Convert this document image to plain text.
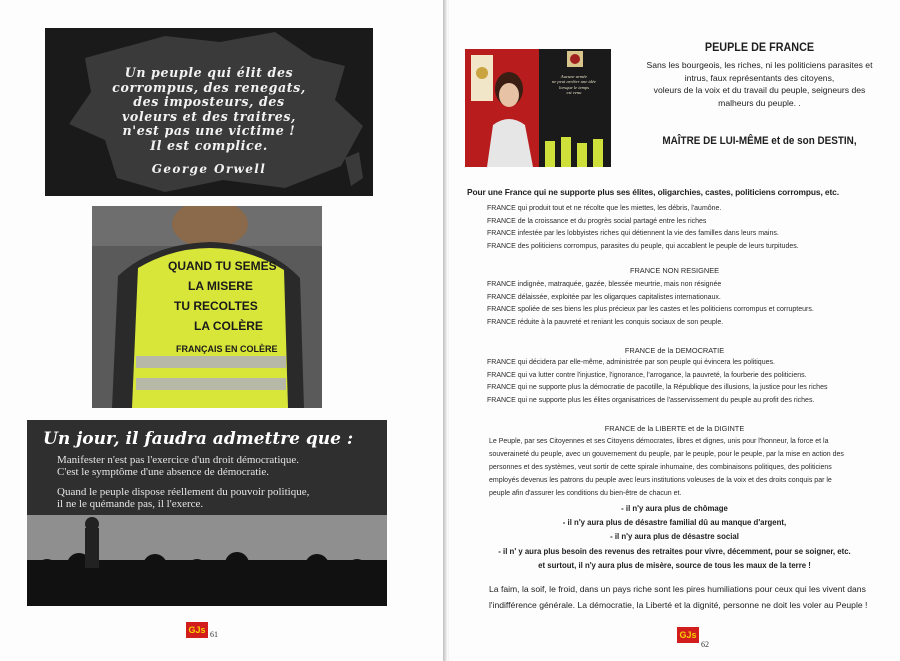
Un peuple qui élit des
corrompus, des renegats,
des imposteurs, des
voleurs et des traitres,
n'est pas une victime !
Il est complice.
George Orwell
QUAND TU SEMES
LA MISERE
TU RECOLTES
LA COLÈRE
FRANÇAIS EN COLÈRE
Un jour, il faudra admettre que :
Manifester n'est pas l'exercice d'un droit démocratique.
C'est le symptôme d'une absence de démocratie.
Quand le peuple dispose réellement du pouvoir politique,
il ne le quémande pas, il l'exerce.
GJs 61
Aucune armée
ne peut arrêter une idée
lorsque le temps
est venu
PEUPLE DE FRANCE

Sans les bourgeois, les riches, ni les politiciens parasites et
intrus, faux représentants des citoyens,
voleurs de la voix et du travail du peuple, seigneurs des
malheurs du peuple. .

MAÎTRE DE LUI-MÊME et de son DESTIN,
Pour une France qui ne supporte plus ses élites, oligarchies, castes, politiciens corrompus, etc.
FRANCE qui produit tout et ne récolte que les miettes, les débris, l'aumône.
FRANCE de la croissance et du progrès social partagé entre les riches
FRANCE infestée par les lobbyistes riches qui détiennent la vie des familles dans leurs mains.
FRANCE des politiciens corrompus, parasites du peuple, qui accablent le peuple de leurs turpitudes.
FRANCE NON RESIGNEE
FRANCE indignée, matraquée, gazée, blessée meurtrie, mais non résignée
FRANCE délaissée, exploitée par les oligarques capitalistes internationaux.
FRANCE spoliée de ses biens les plus précieux par les castes et les politiciens corrompus et corrupteurs.
FRANCE réduite à la pauvreté et reniant les conquis sociaux de son peuple.
FRANCE de la DEMOCRATIE
FRANCE qui décidera par elle-même, administrée par son peuple qui évincera les politiques.
FRANCE qui va lutter contre l'injustice, l'ignorance, l'arrogance, la pauvreté, la fourberie des politiciens.
FRANCE qui ne supporte plus la démocratie de pacotille, la République des illusions, la justice pour les riches
FRANCE qui ne supporte plus les élites organisatrices de l'asservissement du peuple au profit des riches.
FRANCE de la LIBERTE et de la DIGINTE
Le Peuple, par ses Citoyennes et ses Citoyens démocrates, libres et dignes, unis pour l'honneur, la force et la
souveraineté du peuple, avec un gouvernement du peuple, par le peuple, pour le peuple, par la mise en action des
personnes et des systèmes, veut sortir de cette spirale inhumaine, des combinaisons politiques, des politiciens
employés devenus les patrons du peuple avec leurs institutions voleuses de la voix et des droits conquis par le
peuple afin d'assurer les conditions du bien-être de chacun et.
- il n'y aura plus de chômage
- il n'y aura plus de désastre familial dû au manque d'argent,
- il n'y aura plus de désastre social
- il n' y aura plus besoin des revenus des retraites pour vivre, décemment, pour se soigner, etc.
et surtout, il n'y aura plus de misère, source de tous les maux de la terre !
La faim, la soif, le froid, dans un pays riche sont les pires humiliations pour ceux qui les vivent dans
l'indifférence générale. La démocratie, la Liberté et la dignité, personne ne doit les voler au Peuple !
GJs
62
